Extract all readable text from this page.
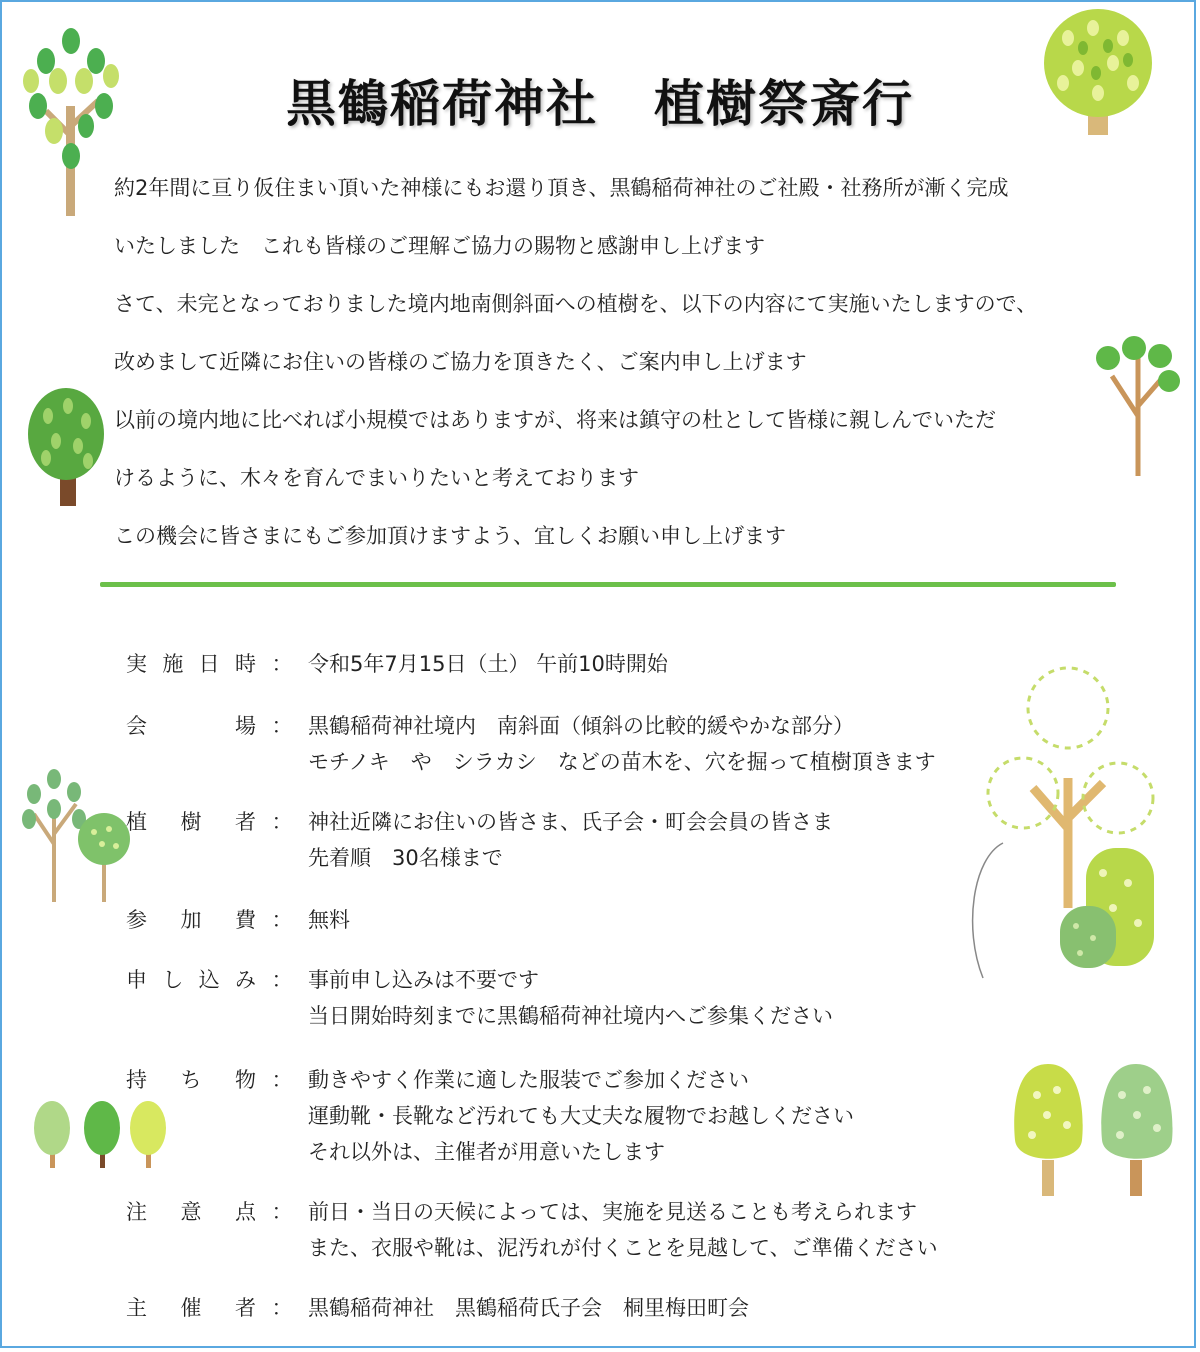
黒鶴稲荷神社 植樹祭斎行

約2年間に亘り仮住まい頂いた神様にもお還り頂き、黒鶴稲荷神社のご社殿・社務所が漸く完成

いたしました　これも皆様のご理解ご協力の賜物と感謝申し上げます

さて、未完となっておりました境内地南側斜面への植樹を、以下の内容にて実施いたしますので、

改めまして近隣にお住いの皆様のご協力を頂きたく、ご案内申し上げます

以前の境内地に比べれば小規模ではありますが、将来は鎮守の杜として皆様に親しんでいただ

けるように、木々を育んでまいりたいと考えております

この機会に皆さまにもご参加頂けますよう、宜しくお願い申し上げます

実施日時 ： 令和5年7月15日（土） 午前10時開始
会場 ： 黒鶴稲荷神社境内　南斜面（傾斜の比較的緩やかな部分）
モチノキ　や　シラカシ　などの苗木を、穴を掘って植樹頂きます
植樹者 ： 神社近隣にお住いの皆さま、氏子会・町会会員の皆さま
先着順　30名様まで
参加費 ： 無料
申し込み ： 事前申し込みは不要です
当日開始時刻までに黒鶴稲荷神社境内へご参集ください
持ち物 ： 動きやすく作業に適した服装でご参加ください
運動靴・長靴など汚れても大丈夫な履物でお越しください
それ以外は、主催者が用意いたします
注意点 ： 前日・当日の天候によっては、実施を見送ることも考えられます
また、衣服や靴は、泥汚れが付くことを見越して、ご準備ください
主催者 ： 黒鶴稲荷神社　黒鶴稲荷氏子会　桐里梅田町会
